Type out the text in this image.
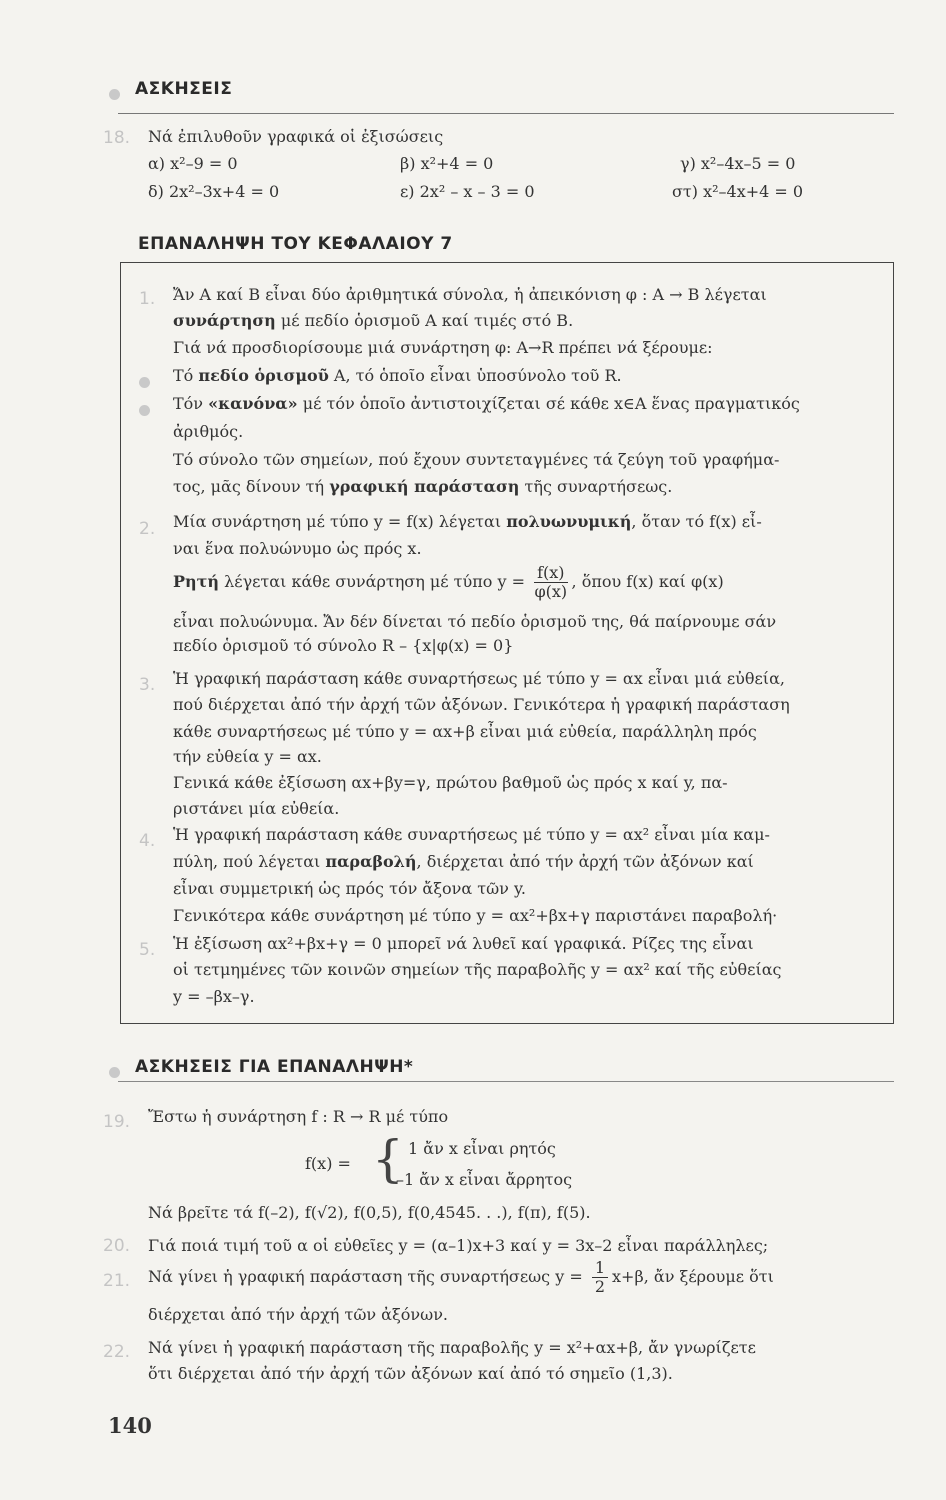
ΑΣΚΗΣΕΙΣ
18. Νά ἐπιλυθοῦν γραφικά οἱ ἐξισώσεις
α) x²–9 = 0	β) x²+4 = 0	γ) x²–4x–5 = 0
δ) 2x²–3x+4 = 0	ε) 2x² – x – 3 = 0	στ) x²–4x+4 = 0
ΕΠΑΝΑΛΗΨΗ ΤΟΥ ΚΕΦΑΛΑΙΟΥ 7
1. Ἄν Α καί Β εἶναι δύο ἀριθμητικά σύνολα, ἡ ἀπεικόνιση φ : Α → Β λέγεται
συνάρτηση μέ πεδίο ὁρισμοῦ Α καί τιμές στό Β.
Γιά νά προσδιορίσουμε μιά συνάρτηση φ: Α→R πρέπει νά ξέρουμε:
Τό πεδίο ὁρισμοῦ Α, τό ὁποῖο εἶναι ὑποσύνολο τοῦ R.
Τόν «κανόνα» μέ τόν ὁποῖο ἀντιστοιχίζεται σέ κάθε x∈Α ἕνας πραγματικός
ἀριθμός.
Τό σύνολο τῶν σημείων, πού ἔχουν συντεταγμένες τά ζεύγη τοῦ γραφήμα-
τος, μᾶς δίνουν τή γραφική παράσταση τῆς συναρτήσεως.
2. Μία συνάρτηση μέ τύπο y = f(x) λέγεται πολυωνυμική, ὅταν τό f(x) εἶ-
ναι ἕνα πολυώνυμο ὡς πρός x.
Ρητή λέγεται κάθε συνάρτηση μέ τύπο $y = \frac{f(x)}{\varphi(x)}$ , ὅπου f(x) καί φ(x)
εἶναι πολυώνυμα. Ἄν δέν δίνεται τό πεδίο ὁρισμοῦ της, θά παίρνουμε σάν
πεδίο ὁρισμοῦ τό σύνολο R – {x|φ(x) = 0}
3. Ἡ γραφική παράσταση κάθε συναρτήσεως μέ τύπο y = αx εἶναι μιά εὐθεία,
πού διέρχεται ἀπό τήν ἀρχή τῶν ἀξόνων. Γενικότερα ἡ γραφική παράσταση
κάθε συναρτήσεως μέ τύπο y = αx+β εἶναι μιά εὐθεία, παράλληλη πρός
τήν εὐθεία y = αx.
Γενικά κάθε ἐξίσωση αx+βy=γ, πρώτου βαθμοῦ ὡς πρός x καί y, πα-
ριστάνει μία εὐθεία.
4. Ἡ γραφική παράσταση κάθε συναρτήσεως μέ τύπο y = αx² εἶναι μία καμ-
πύλη, πού λέγεται παραβολή, διέρχεται ἀπό τήν ἀρχή τῶν ἀξόνων καί
εἶναι συμμετρική ὡς πρός τόν ἄξονα τῶν y.
Γενικότερα κάθε συνάρτηση μέ τύπο y = αx²+βx+γ παριστάνει παραβολή·
5. Ἡ ἐξίσωση αx²+βx+γ = 0 μπορεῖ νά λυθεῖ καί γραφικά. Ρίζες της εἶναι
οἱ τετμημένες τῶν κοινῶν σημείων τῆς παραβολῆς y = αx² καί τῆς εὐθείας
y = –βx–γ.
ΑΣΚΗΣΕΙΣ ΓΙΑ ΕΠΑΝΑΛΗΨΗ*
19. Ἔστω ἡ συνάρτηση f : R → R μέ τύπο
f(x) = { 1 ἄν x εἶναι ρητός
–1 ἄν x εἶναι ἄρρητος
Νά βρεῖτε τά f(–2), f(√2), f(0,5), f(0,4545. . .), f(π), f(5).
20. Γιά ποιά τιμή τοῦ α οἱ εὐθεῖες y = (α–1)x+3 καί y = 3x–2 εἶναι παράλληλες;
21. Νά γίνει ἡ γραφική παράσταση τῆς συναρτήσεως $y = \frac{1}{2} x+\beta$, ἄν ξέρουμε ὅτι
διέρχεται ἀπό τήν ἀρχή τῶν ἀξόνων.
22. Νά γίνει ἡ γραφική παράσταση τῆς παραβολῆς y = x²+αx+β, ἄν γνωρίζετε
ὅτι διέρχεται ἀπό τήν ἀρχή τῶν ἀξόνων καί ἀπό τό σημεῖο (1,3).
140
